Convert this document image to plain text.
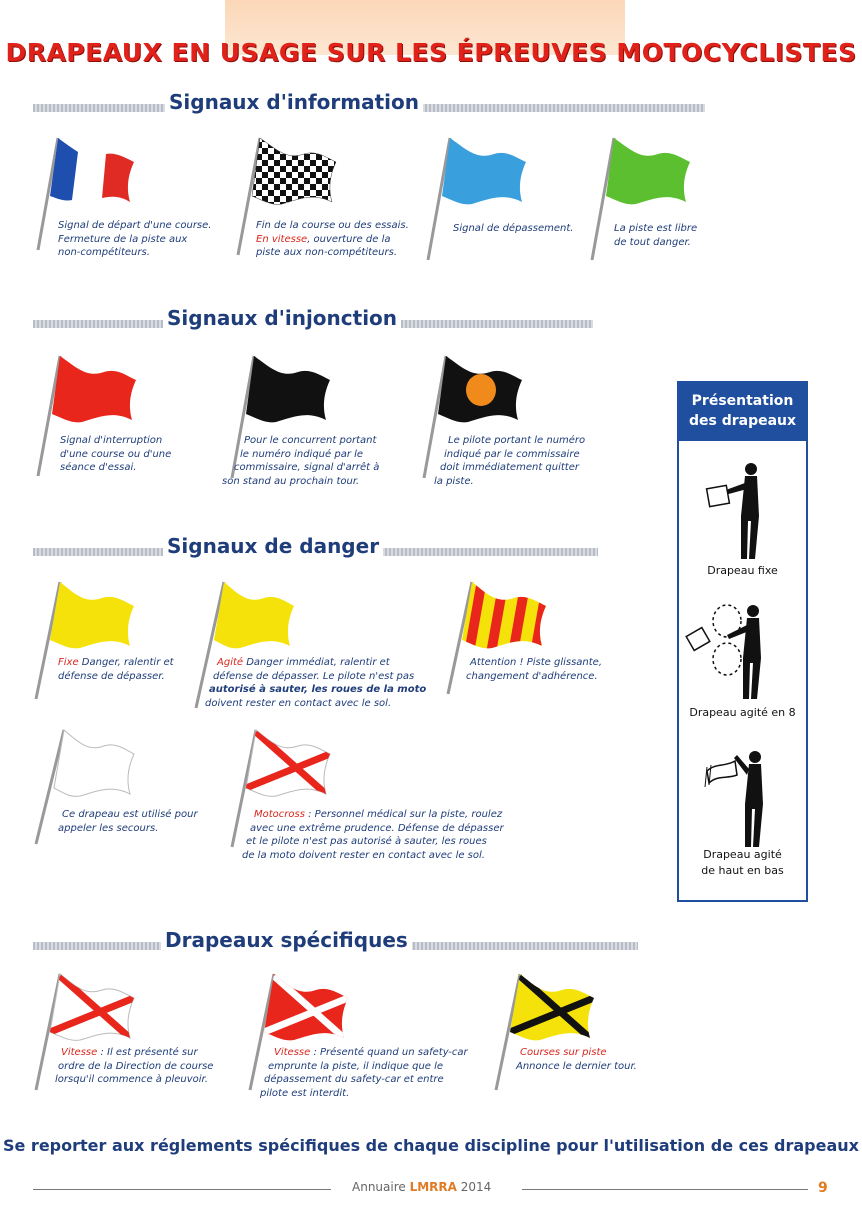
DRAPEAUX EN USAGE SUR LES ÉPREUVES MOTOCYCLISTES
Signaux d'information
Signal de départ d'une course.
Fermeture de la piste aux
non-compétiteurs.
Fin de la course ou des essais.
En vitesse, ouverture de la
piste aux non-compétiteurs.
Signal de dépassement.	La piste est libre
de tout danger.
Signaux d'injonction
Signal d'interruption
d'une course ou d'une
séance d'essai.
Pour le concurrent portant
le numéro indiqué par le
commissaire, signal d'arrêt à
son stand au prochain tour.
Le pilote portant le numéro
indiqué par le commissaire
doit immédiatement quitter
la piste.
Signaux de danger
Fixe Danger, ralentir et
défense de dépasser.
Agité Danger immédiat, ralentir et
défense de dépasser. Le pilote n'est pas
autorisé à sauter, les roues de la moto
doivent rester en contact avec le sol.
Attention ! Piste glissante,
changement d'adhérence.
Ce drapeau est utilisé pour
appeler les secours.
Motocross : Personnel médical sur la piste, roulez
avec une extrême prudence. Défense de dépasser
et le pilote n'est pas autorisé à sauter, les roues
de la moto doivent rester en contact avec le sol.
Présentation
des drapeaux
Drapeau fixe
Drapeau agité en 8
Drapeau agité
de haut en bas
Drapeaux spécifiques
Vitesse : Il est présenté sur
ordre de la Direction de course
lorsqu'il commence à pleuvoir.
Vitesse : Présenté quand un safety-car
emprunte la piste, il indique que le
dépassement du safety-car et entre
pilote est interdit.
Courses sur piste
Annonce le dernier tour.
Se reporter aux réglements spécifiques de chaque discipline pour l'utilisation de ces drapeaux
Annuaire LMRRA 2014	9
